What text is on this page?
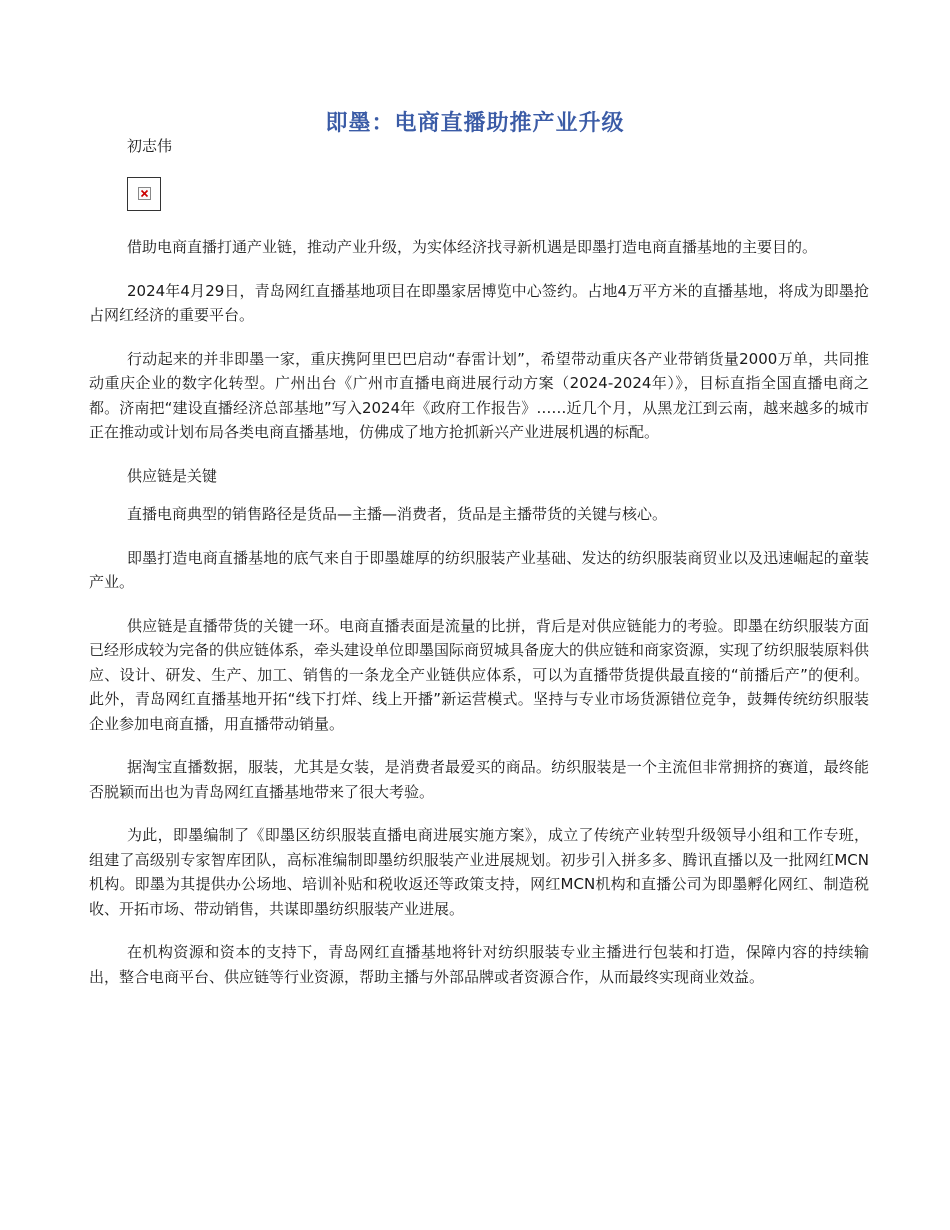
即墨：电商直播助推产业升级

初志伟

借助电商直播打通产业链，推动产业升级，为实体经济找寻新机遇是即墨打造电商直播基地的主要目的。

2024年4月29日，青岛网红直播基地项目在即墨家居博览中心签约。占地4万平方米的直播基地，将成为即墨抢占网红经济的重要平台。

行动起来的并非即墨一家，重庆携阿里巴巴启动“春雷计划”，希望带动重庆各产业带销货量2000万单，共同推动重庆企业的数字化转型。广州出台《广州市直播电商进展行动方案（2024-2024年）》，目标直指全国直播电商之都。济南把“建设直播经济总部基地”写入2024年《政府工作报告》……近几个月，从黑龙江到云南，越来越多的城市正在推动或计划布局各类电商直播基地，仿佛成了地方抢抓新兴产业进展机遇的标配。

供应链是关键

直播电商典型的销售路径是货品—主播—消费者，货品是主播带货的关键与核心。

即墨打造电商直播基地的底气来自于即墨雄厚的纺织服装产业基础、发达的纺织服装商贸业以及迅速崛起的童装产业。

供应链是直播带货的关键一环。电商直播表面是流量的比拼，背后是对供应链能力的考验。即墨在纺织服装方面已经形成较为完备的供应链体系，牵头建设单位即墨国际商贸城具备庞大的供应链和商家资源，实现了纺织服装原料供应、设计、研发、生产、加工、销售的一条龙全产业链供应体系，可以为直播带货提供最直接的“前播后产”的便利。此外，青岛网红直播基地开拓“线下打烊、线上开播”新运营模式。坚持与专业市场货源错位竞争，鼓舞传统纺织服装企业参加电商直播，用直播带动销量。

据淘宝直播数据，服装，尤其是女装，是消费者最爱买的商品。纺织服装是一个主流但非常拥挤的赛道，最终能否脱颖而出也为青岛网红直播基地带来了很大考验。

为此，即墨编制了《即墨区纺织服装直播电商进展实施方案》，成立了传统产业转型升级领导小组和工作专班，组建了高级别专家智库团队，高标准编制即墨纺织服装产业进展规划。初步引入拼多多、腾讯直播以及一批网红MCN机构。即墨为其提供办公场地、培训补贴和税收返还等政策支持，网红MCN机构和直播公司为即墨孵化网红、制造税收、开拓市场、带动销售，共谋即墨纺织服装产业进展。

在机构资源和资本的支持下，青岛网红直播基地将针对纺织服装专业主播进行包装和打造，保障内容的持续输出，整合电商平台、供应链等行业资源，帮助主播与外部品牌或者资源合作，从而最终实现商业效益。
